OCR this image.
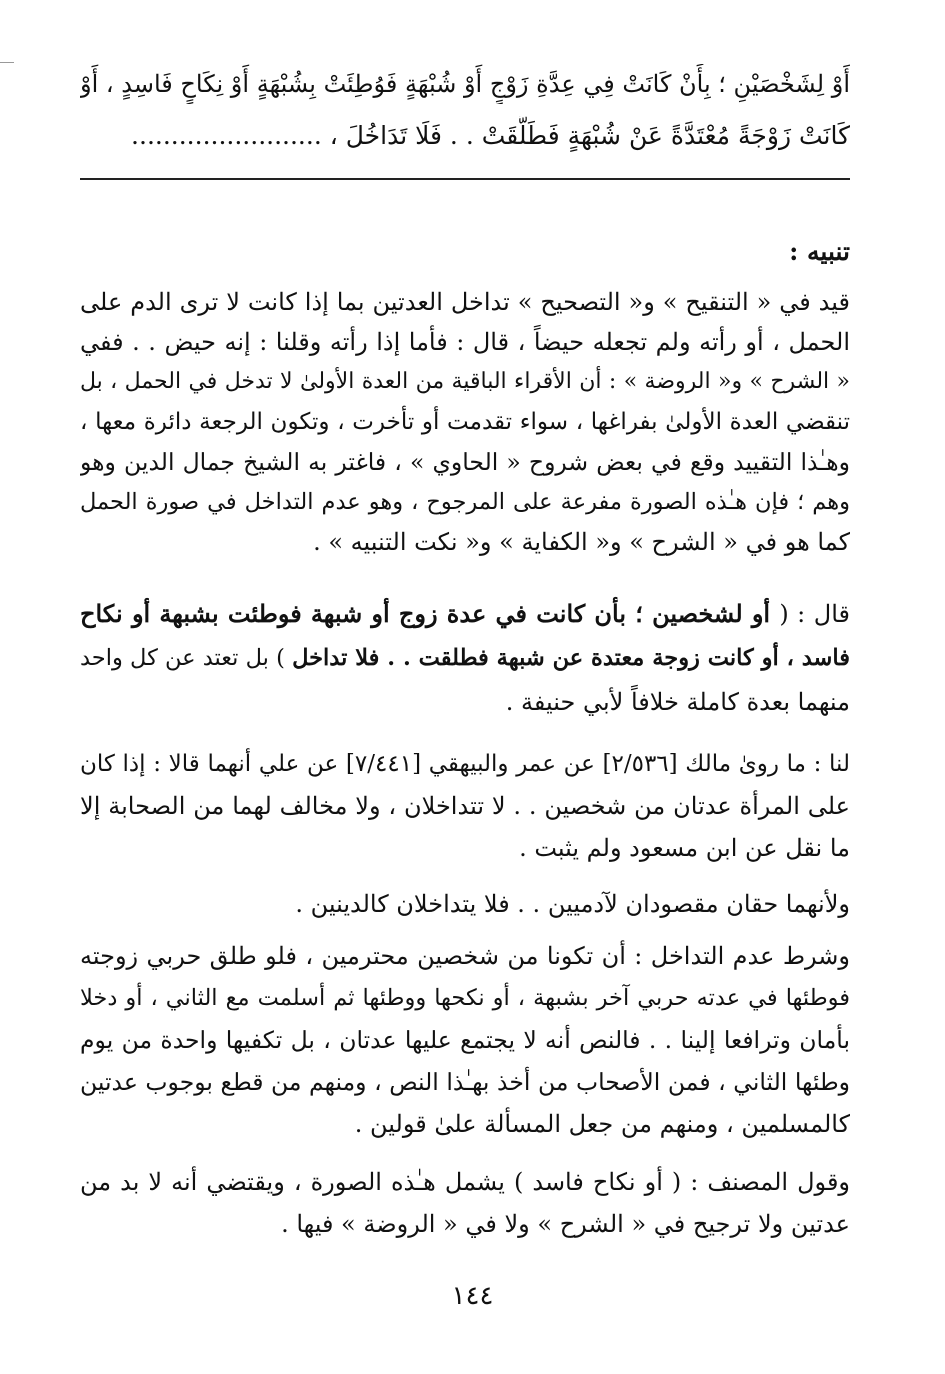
أَوْ لِشَخْصَيْنِ ؛ بِأَنْ كَانَتْ فِي عِدَّةِ زَوْجٍ أَوْ شُبْهَةٍ فَوُطِئَتْ بِشُبْهَةٍ أَوْ نِكَاحٍ فَاسِدٍ ، أَوْ
كَانَتْ زَوْجَةً مُعْتَدَّةً عَنْ شُبْهَةٍ فَطَلَّقَتْ . . فَلَا تَدَاخُلَ ، ........................
تنبيه :
قيد في « التنقيح » و« التصحيح » تداخل العدتين بما إذا كانت لا ترى الدم على
الحمل ، أو رأته ولم تجعله حيضاً ، قال : فأما إذا رأته وقلنا : إنه حيض . . ففي
« الشرح » و« الروضة » : أن الأقراء الباقية من العدة الأولىٰ لا تدخل في الحمل ، بل
تنقضي العدة الأولىٰ بفراغها ، سواء تقدمت أو تأخرت ، وتكون الرجعة دائرة معها ،
وهـٰذا التقييد وقع في بعض شروح « الحاوي » ، فاغتر به الشيخ جمال الدين وهو
وهم ؛ فإن هـٰذه الصورة مفرعة على المرجوح ، وهو عدم التداخل في صورة الحمل
كما هو في « الشرح » و« الكفاية » و« نكت التنبيه » .
قال : ( أو لشخصين ؛ بأن كانت في عدة زوج أو شبهة فوطئت بشبهة أو نكاح
فاسد ، أو كانت زوجة معتدة عن شبهة فطلقت . . فلا تداخل ) بل تعتد عن كل واحد
منهما بعدة كاملة خلافاً لأبي حنيفة .
لنا : ما روىٰ مالك [٢/٥٣٦] عن عمر والبيهقي [٧/٤٤١] عن علي أنهما قالا : إذا كان
على المرأة عدتان من شخصين . . لا تتداخلان ، ولا مخالف لهما من الصحابة إلا
ما نقل عن ابن مسعود ولم يثبت .
ولأنهما حقان مقصودان لآدميين . . فلا يتداخلان كالدينين .
وشرط عدم التداخل : أن تكونا من شخصين محترمين ، فلو طلق حربي زوجته
فوطئها في عدته حربي آخر بشبهة ، أو نكحها ووطئها ثم أسلمت مع الثاني ، أو دخلا
بأمان وترافعا إلينا . . فالنص أنه لا يجتمع عليها عدتان ، بل تكفيها واحدة من يوم
وطئها الثاني ، فمن الأصحاب من أخذ بهـٰذا النص ، ومنهم من قطع بوجوب عدتين
كالمسلمين ، ومنهم من جعل المسألة علىٰ قولين .
وقول المصنف : ( أو نكاح فاسد ) يشمل هـٰذه الصورة ، ويقتضي أنه لا بد من
عدتين ولا ترجيح في « الشرح » ولا في « الروضة » فيها .
١٤٤
